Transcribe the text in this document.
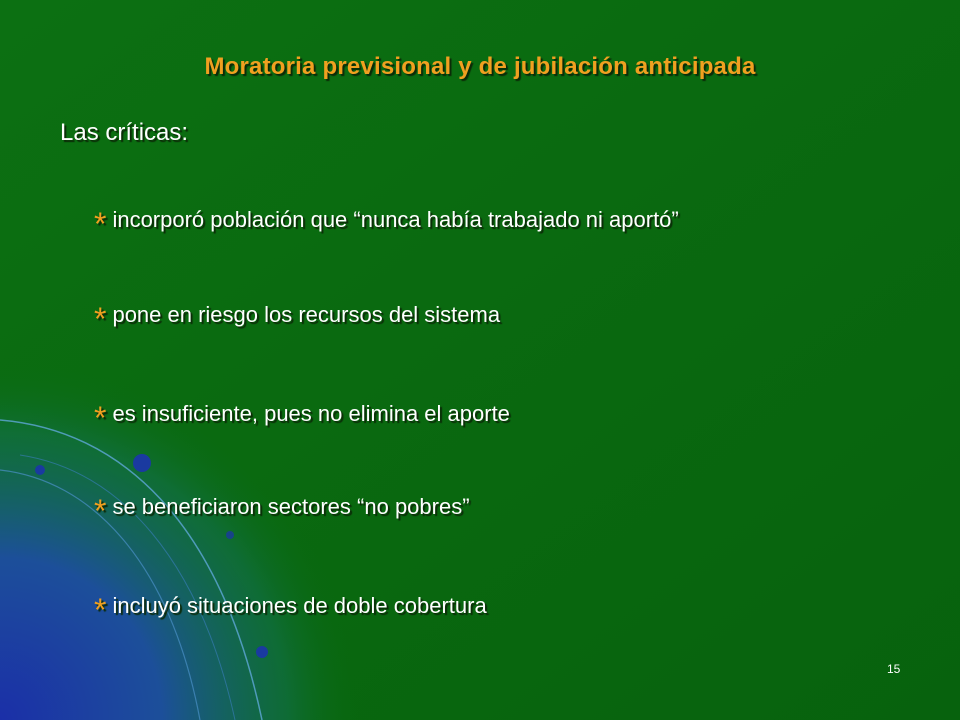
Moratoria previsional y de jubilación anticipada
Las críticas:
* incorporó población que “nunca había trabajado ni aportó”
* pone en riesgo los recursos del sistema
* es insuficiente, pues no elimina el aporte
* se beneficiaron sectores “no pobres”
* incluyó situaciones de doble cobertura
15
